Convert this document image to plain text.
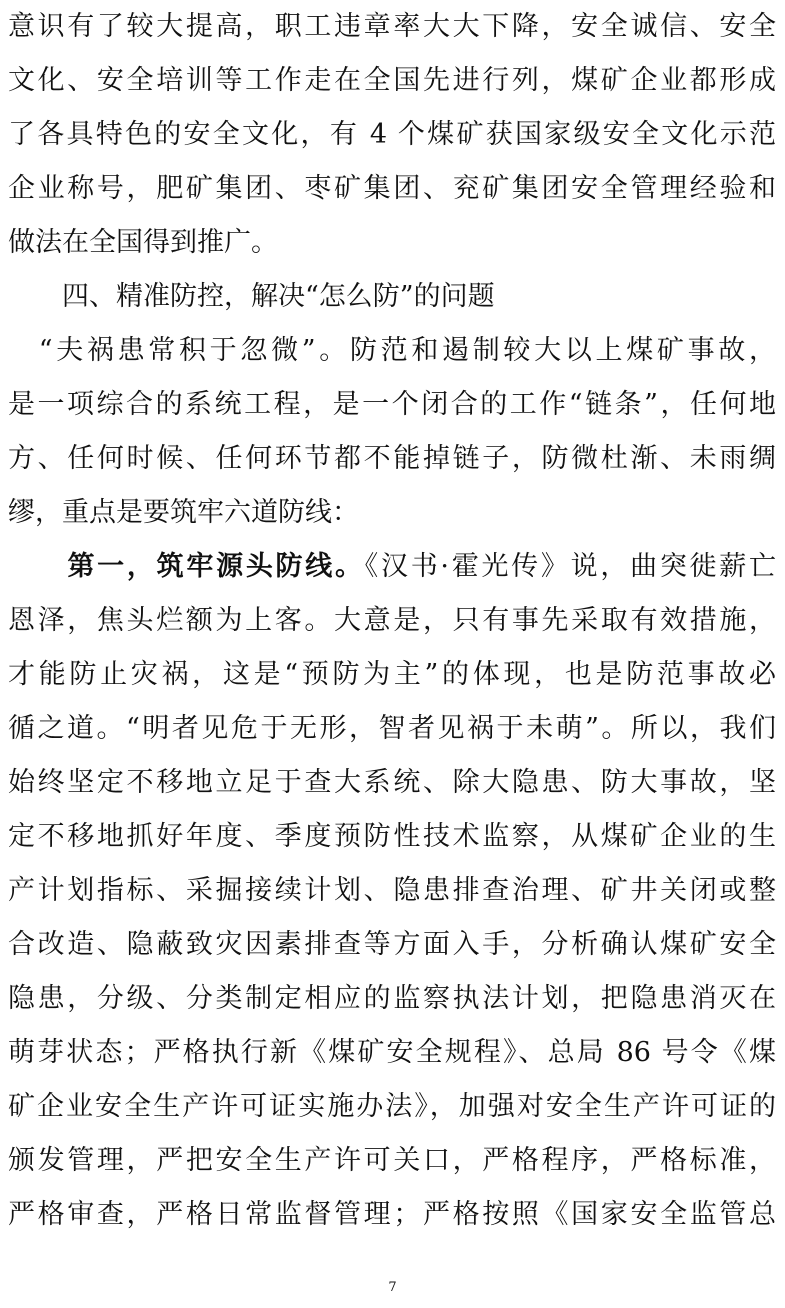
意识有了较大提高，职工违章率大大下降，安全诚信、安全
文化、安全培训等工作走在全国先进行列，煤矿企业都形成
了各具特色的安全文化，有 4 个煤矿获国家级安全文化示范
企业称号，肥矿集团、枣矿集团、兖矿集团安全管理经验和
做法在全国得到推广。
　　四、精准防控，解决“怎么防”的问题
　“夫祸患常积于忽微”。防范和遏制较大以上煤矿事故，
是一项综合的系统工程，是一个闭合的工作“链条”，任何地
方、任何时候、任何环节都不能掉链子，防微杜渐、未雨绸
缪，重点是要筑牢六道防线：
　　第一，筑牢源头防线。《汉书·霍光传》说，曲突徙薪亡
恩泽，焦头烂额为上客。大意是，只有事先采取有效措施，
才能防止灾祸，这是“预防为主”的体现，也是防范事故必
循之道。“明者见危于无形，智者见祸于未萌”。所以，我们
始终坚定不移地立足于查大系统、除大隐患、防大事故，坚
定不移地抓好年度、季度预防性技术监察，从煤矿企业的生
产计划指标、采掘接续计划、隐患排查治理、矿井关闭或整
合改造、隐蔽致灾因素排查等方面入手，分析确认煤矿安全
隐患，分级、分类制定相应的监察执法计划，把隐患消灭在
萌芽状态；严格执行新《煤矿安全规程》、总局 86 号令《煤
矿企业安全生产许可证实施办法》，加强对安全生产许可证的
颁发管理，严把安全生产许可关口，严格程序，严格标准，
严格审查，严格日常监督管理；严格按照《国家安全监管总
7
